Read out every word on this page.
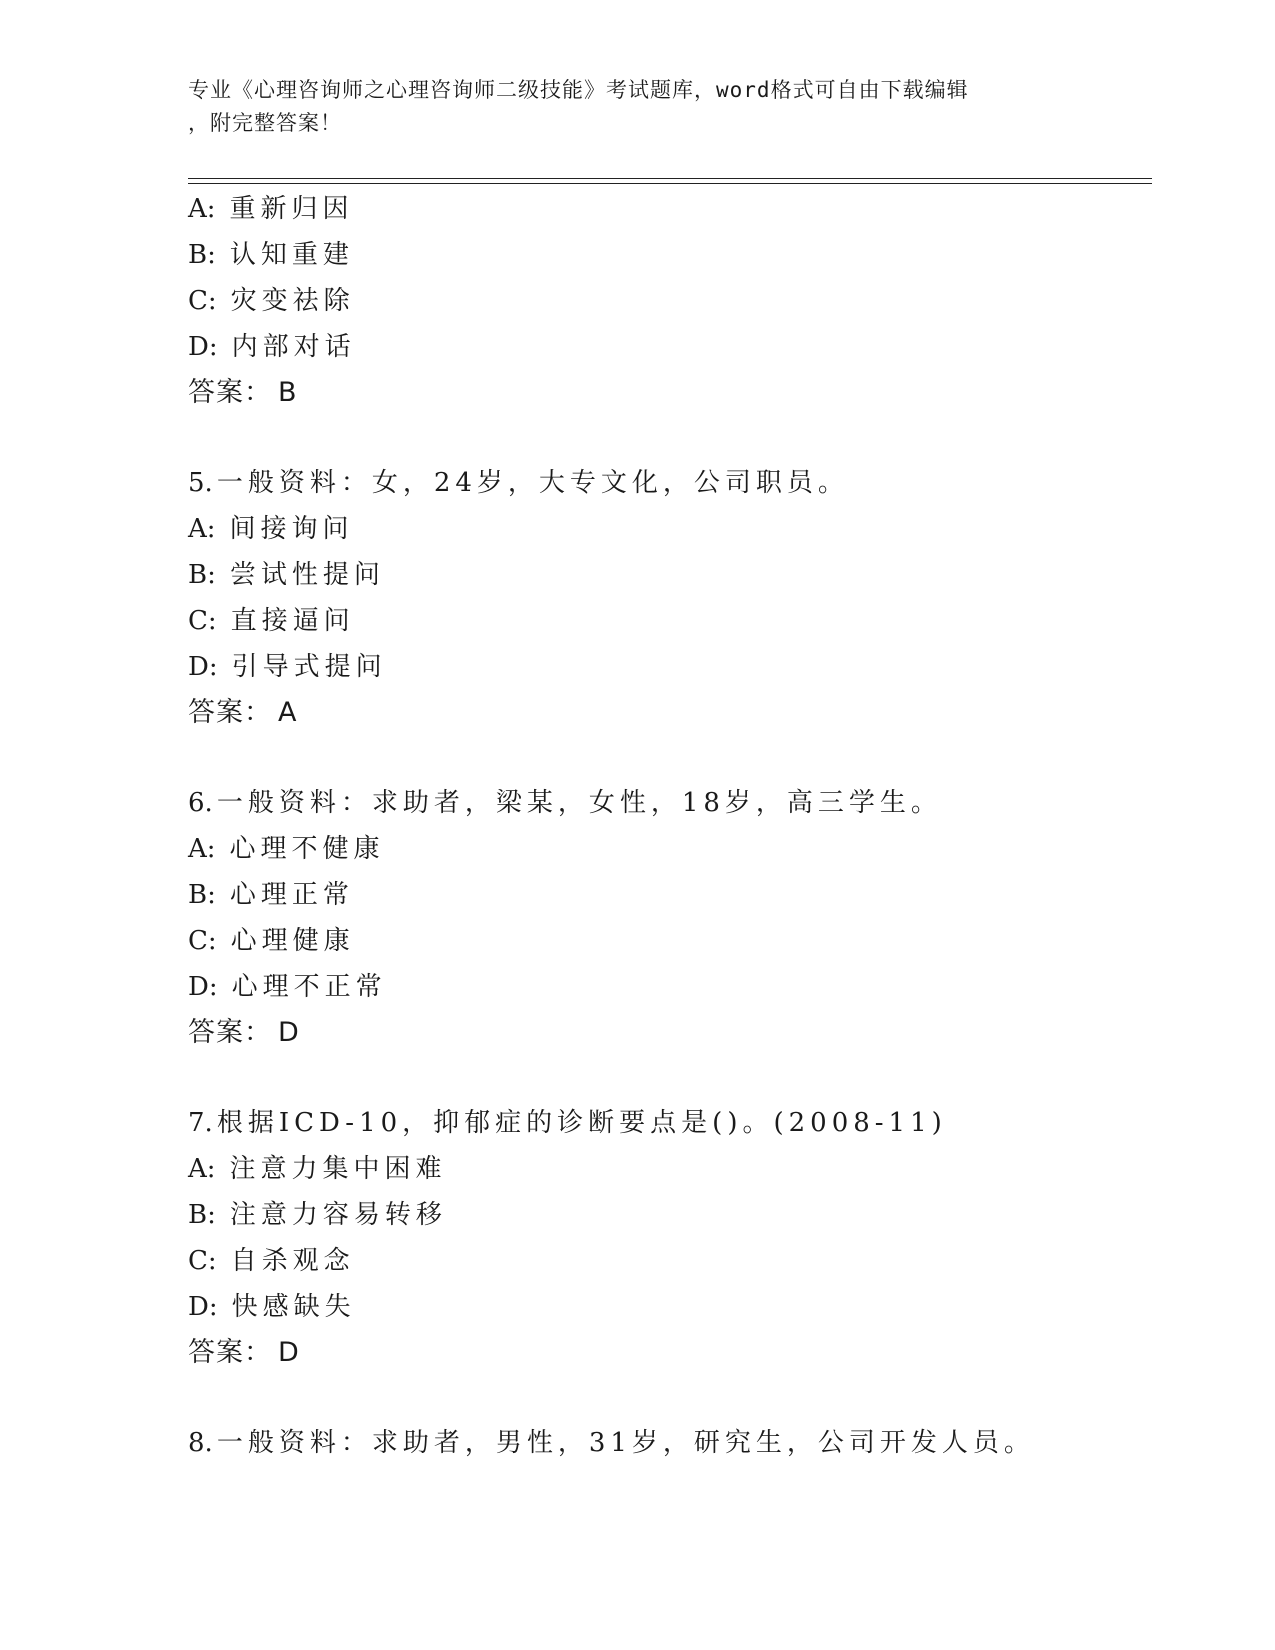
专业《心理咨询师之心理咨询师二级技能》考试题库，word格式可自由下载编辑
，附完整答案！
A: 重新归因
B: 认知重建
C: 灾变祛除
D: 内部对话
答案： B
5. 一般资料：女，24岁，大专文化，公司职员。
A: 间接询问
B: 尝试性提问
C: 直接逼问
D: 引导式提问
答案： A
6. 一般资料：求助者，梁某，女性，18岁，高三学生。
A: 心理不健康
B: 心理正常
C: 心理健康
D: 心理不正常
答案： D
7. 根据ICD-10，抑郁症的诊断要点是()。(2008-11)
A: 注意力集中困难
B: 注意力容易转移
C: 自杀观念
D: 快感缺失
答案： D
8. 一般资料：求助者，男性，31岁，研究生，公司开发人员。
